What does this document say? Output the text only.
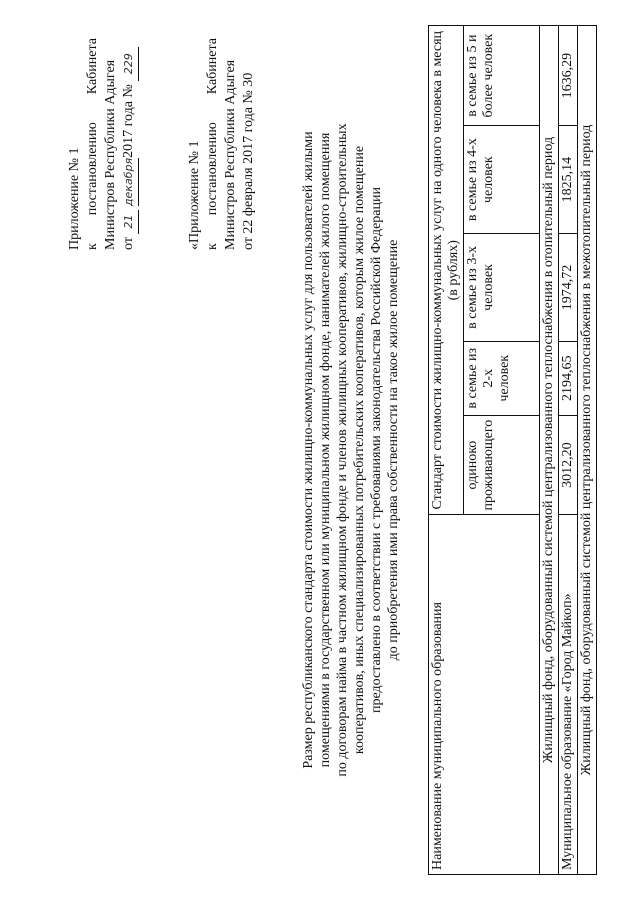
Приложение № 1 к постановлению Кабинета Министров Республики Адыгея от 21 декабря2017 года № 229
«Приложение № 1 к постановлению Кабинета Министров Республики Адыгея от 22 февраля 2017 года № 30	Размер республиканского стандарта стоимости жилищно-коммунальных услуг для пользователей жилыми помещениями в государственном или муниципальном жилищном фонде, нанимателей жилого помещения по договорам найма в частном жилищном фонде и членов жилищных кооперативов, жилищно-строительных кооперативов, иных специализированных потребительских кооперативов, которым жилое помещение предоставлено в соответствии с требованиями законодательства Российской Федерации до приобретения ими права собственности на такое жилое помещение
Наименование муниципального образования	Стандарт стоимости жилищно-коммунальных услуг на одного человека в месяц (в рублях)				
	одиноко проживающего	в семье из 2-х человек	в семье из 3-х человек	в семье из 4-х человек	в семье из 5 и более человек
Жилищный фонд, оборудованный системой централизованного теплоснабжения в отопительный период					
Муниципальное образование «Город Майкоп»	3012,20	2194,65	1974,72	1825,14	1636,29
Жилищный фонд, оборудованный системой централизованного теплоснабжения в межотопительный период					
